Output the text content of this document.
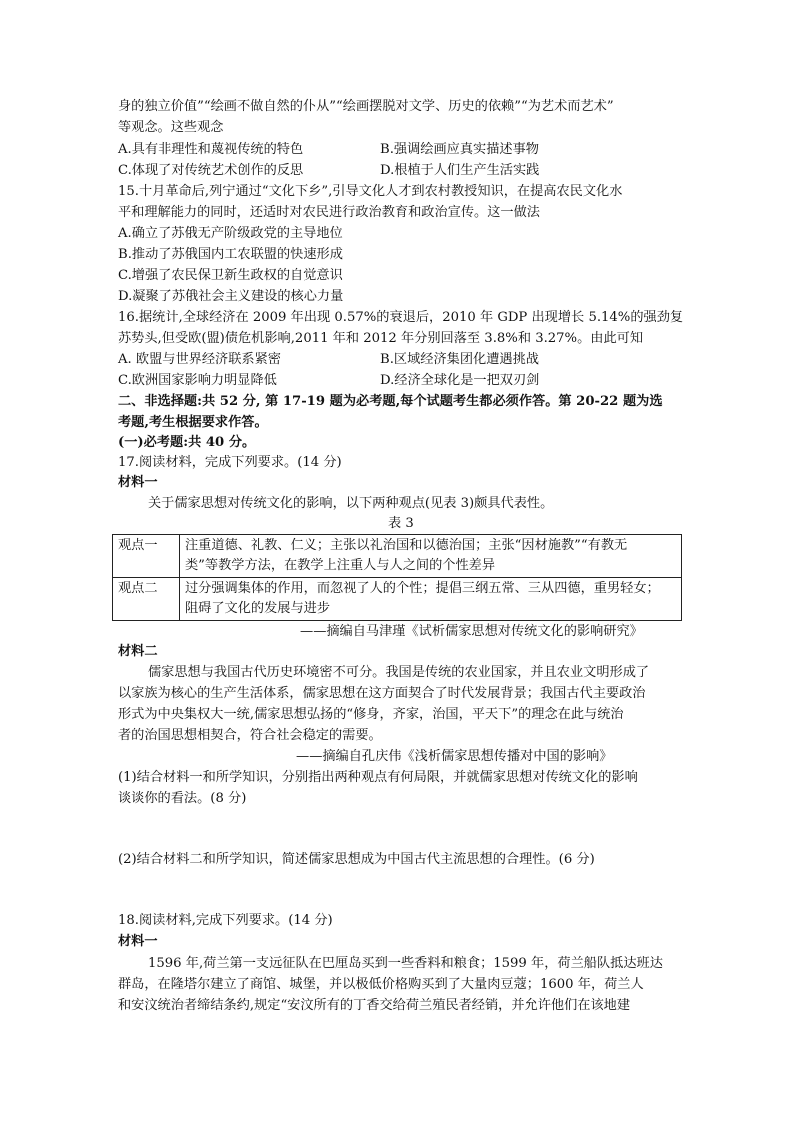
身的独立价值”“绘画不做自然的仆从”“绘画摆脱对文学、历史的依赖”“为艺术而艺术”
等观念。这些观念
A.具有非理性和蔑视传统的特色	B.强调绘画应真实描述事物
C.体现了对传统艺术创作的反思	D.根植于人们生产生活实践
15.十月革命后,列宁通过“文化下乡”,引导文化人才到农村教授知识，在提高农民文化水
平和理解能力的同时，还适时对农民进行政治教育和政治宣传。这一做法
A.确立了苏俄无产阶级政党的主导地位
B.推动了苏俄国内工农联盟的快速形成
C.增强了农民保卫新生政权的自觉意识
D.凝聚了苏俄社会主义建设的核心力量
16.据统计,全球经济在 2009 年出现 0.57%的衰退后，2010 年 GDP 出现增长 5.14%的强劲复
苏势头,但受欧(盟)债危机影响,2011 年和 2012 年分别回落至 3.8%和 3.27%。由此可知
A. 欧盟与世界经济联系紧密	B.区域经济集团化遭遇挑战
C.欧洲国家影响力明显降低	D.经济全球化是一把双刃剑
二、非选择题:共 52 分, 第 17-19 题为必考题,每个试题考生都必须作答。第 20-22 题为选
考题,考生根据要求作答。
(一)必考题:共 40 分。
17.阅读材料，完成下列要求。(14 分)
材料一
关于儒家思想对传统文化的影响，以下两种观点(见表 3)颇具代表性。
表 3
观点一	注重道德、礼教、仁义；主张以礼治国和以德治国；主张“因材施教”“有教无
类”等教学方法，在教学上注重人与人之间的个性差异

观点二	过分强调集体的作用，而忽视了人的个性；提倡三纲五常、三从四德，重男轻女；
阻碍了文化的发展与进步
——摘编自马津瑾《试析儒家思想对传统文化的影响研究》
材料二
儒家思想与我国古代历史环境密不可分。我国是传统的农业国家，并且农业文明形成了
以家族为核心的生产生活体系，儒家思想在这方面契合了时代发展背景；我国古代主要政治
形式为中央集权大一统,儒家思想弘扬的“修身，齐家，治国，平天下”的理念在此与统治
者的治国思想相契合，符合社会稳定的需要。
——摘编自孔庆伟《浅析儒家思想传播对中国的影响》
(1)结合材料一和所学知识，分别指出两种观点有何局限，并就儒家思想对传统文化的影响
谈谈你的看法。(8 分)
(2)结合材料二和所学知识，简述儒家思想成为中国古代主流思想的合理性。(6 分)
18.阅读材料,完成下列要求。(14 分)
材料一
1596 年,荷兰第一支远征队在巴厘岛买到一些香料和粮食；1599 年，荷兰船队抵达班达
群岛，在隆塔尔建立了商馆、城堡，并以极低价格购买到了大量肉豆蔻；1600 年，荷兰人
和安汶统治者缔结条约,规定“安汶所有的丁香交给荷兰殖民者经销，并允许他们在该地建
